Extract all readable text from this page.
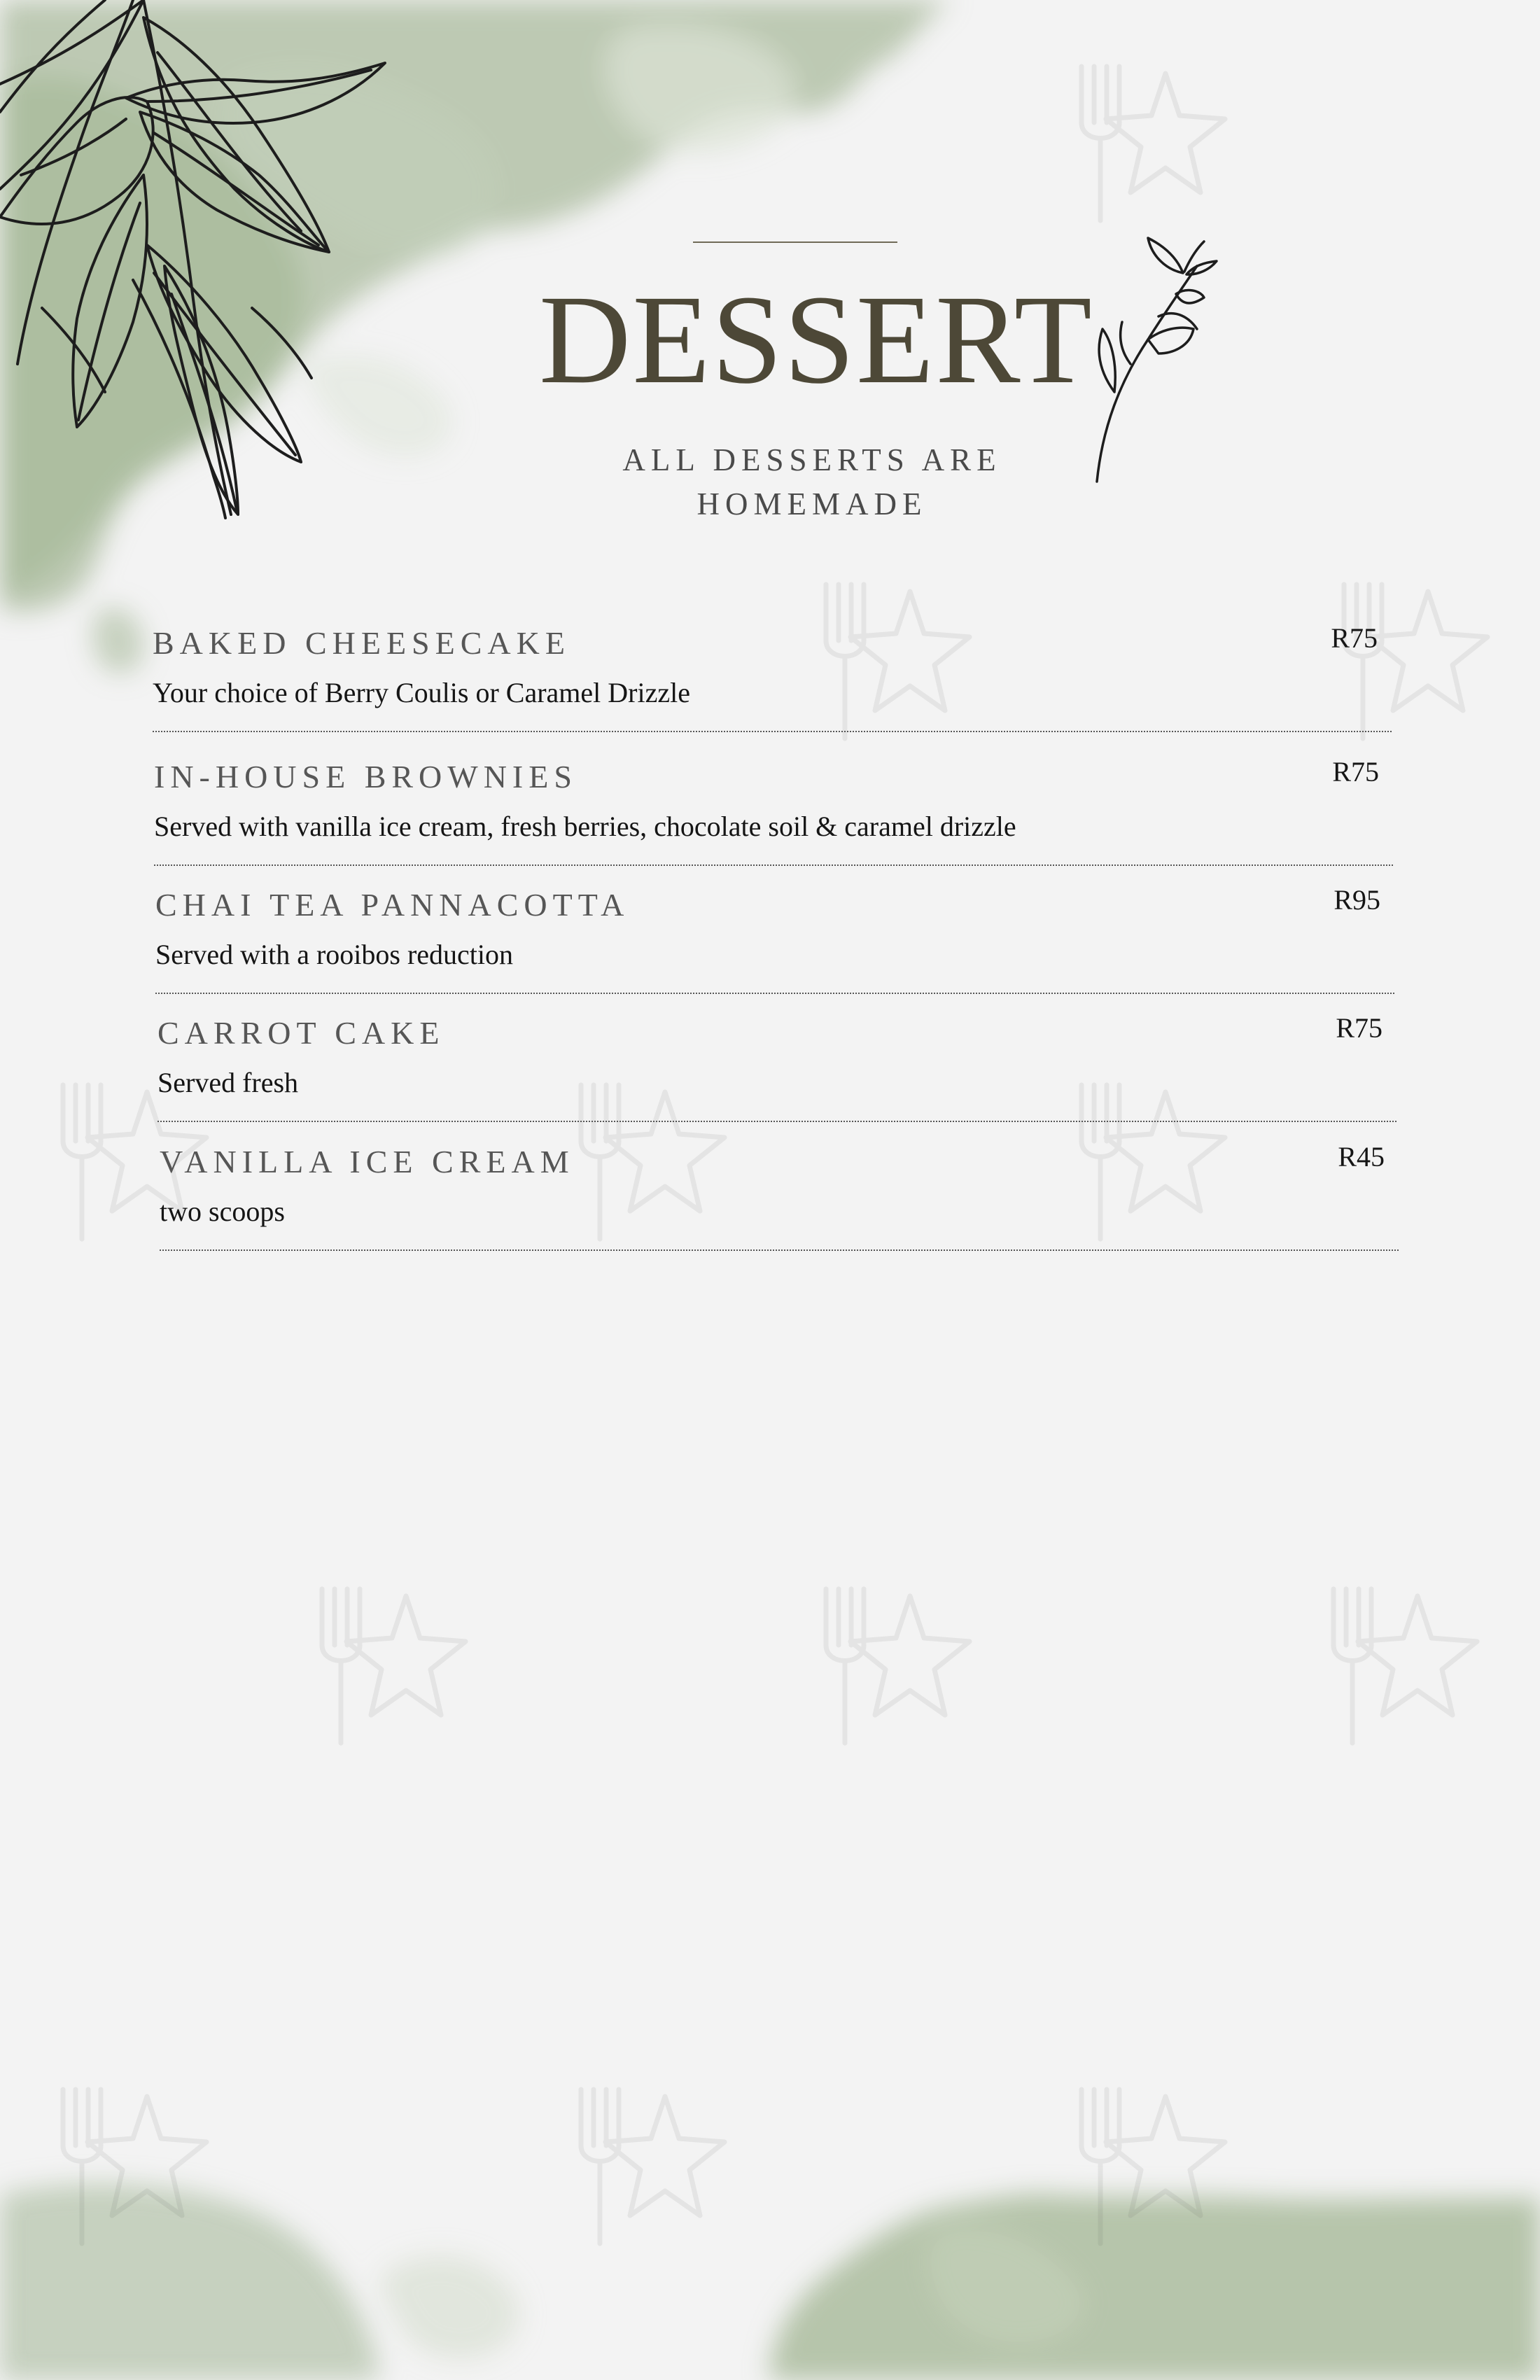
DESSERT
ALL DESSERTS ARE HOMEMADE
BAKED CHEESECAKE
Your choice of Berry Coulis or Caramel Drizzle
R75
IN-HOUSE BROWNIES
Served with vanilla ice cream, fresh berries, chocolate soil & caramel drizzle
R75
CHAI TEA PANNACOTTA
Served with a rooibos reduction
R95
CARROT CAKE
Served fresh
R75
VANILLA ICE CREAM
two scoops
R45
